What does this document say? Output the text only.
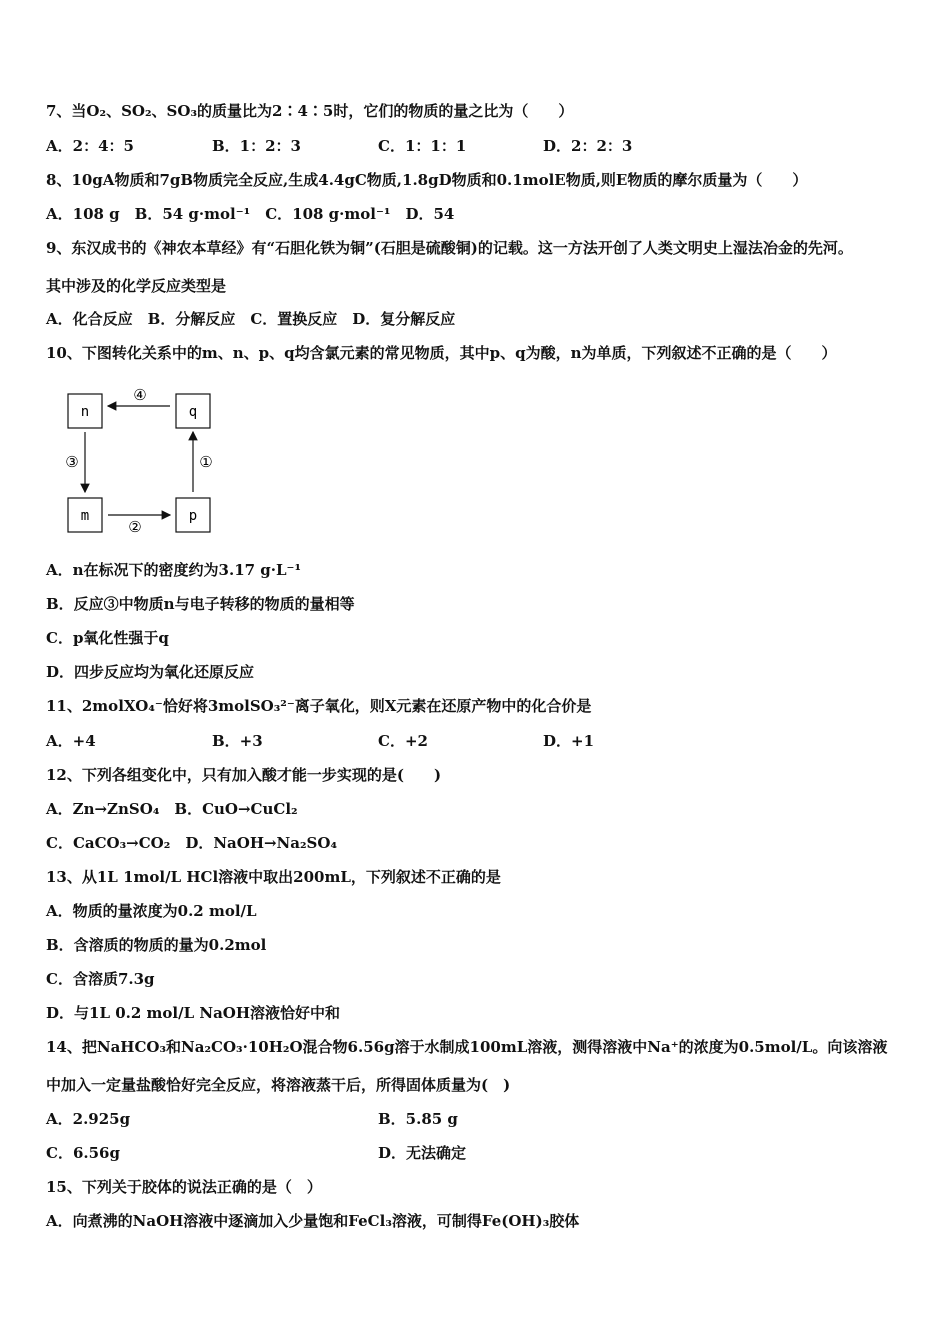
7、当O₂、SO₂、SO₃的质量比为2∶4∶5时，它们的物质的量之比为（　　）
A．2：4：5	B．1：2：3	C．1：1：1	D．2：2：3
8、10gA物质和7gB物质完全反应,生成4.4gC物质,1.8gD物质和0.1molE物质,则E物质的摩尔质量为（　　）
A．108 g　B．54 g·mol⁻¹　C．108 g·mol⁻¹　D．54
9、东汉成书的《神农本草经》有“石胆化铁为铜”(石胆是硫酸铜)的记载。这一方法开创了人类文明史上湿法冶金的先河。
其中涉及的化学反应类型是
A．化合反应　B．分解反应　C．置换反应　D．复分解反应
10、下图转化关系中的m、n、p、q均含氯元素的常见物质，其中p、q为酸，n为单质，下列叙述不正确的是（　　）
n	q
m	p
④
③
②
①
A．n在标况下的密度约为3.17 g·L⁻¹
B．反应③中物质n与电子转移的物质的量相等
C．p氧化性强于q
D．四步反应均为氧化还原反应
11、2molXO₄⁻恰好将3molSO₃²⁻离子氧化，则X元素在还原产物中的化合价是
A．+4	B．+3	C．+2	D．+1
12、下列各组变化中，只有加入酸才能一步实现的是(　　)
A．Zn→ZnSO₄　B．CuO→CuCl₂
C．CaCO₃→CO₂　D．NaOH→Na₂SO₄
13、从1L 1mol/L HCl溶液中取出200mL，下列叙述不正确的是
A．物质的量浓度为0.2 mol/L
B．含溶质的物质的量为0.2mol
C．含溶质7.3g
D．与1L 0.2 mol/L NaOH溶液恰好中和
14、把NaHCO₃和Na₂CO₃·10H₂O混合物6.56g溶于水制成100mL溶液，测得溶液中Na⁺的浓度为0.5mol/L。向该溶液
中加入一定量盐酸恰好完全反应，将溶液蒸干后，所得固体质量为(　)
A．2.925g	B．5.85 g
C．6.56g	D．无法确定
15、下列关于胶体的说法正确的是（　）
A．向煮沸的NaOH溶液中逐滴加入少量饱和FeCl₃溶液，可制得Fe(OH)₃胶体
